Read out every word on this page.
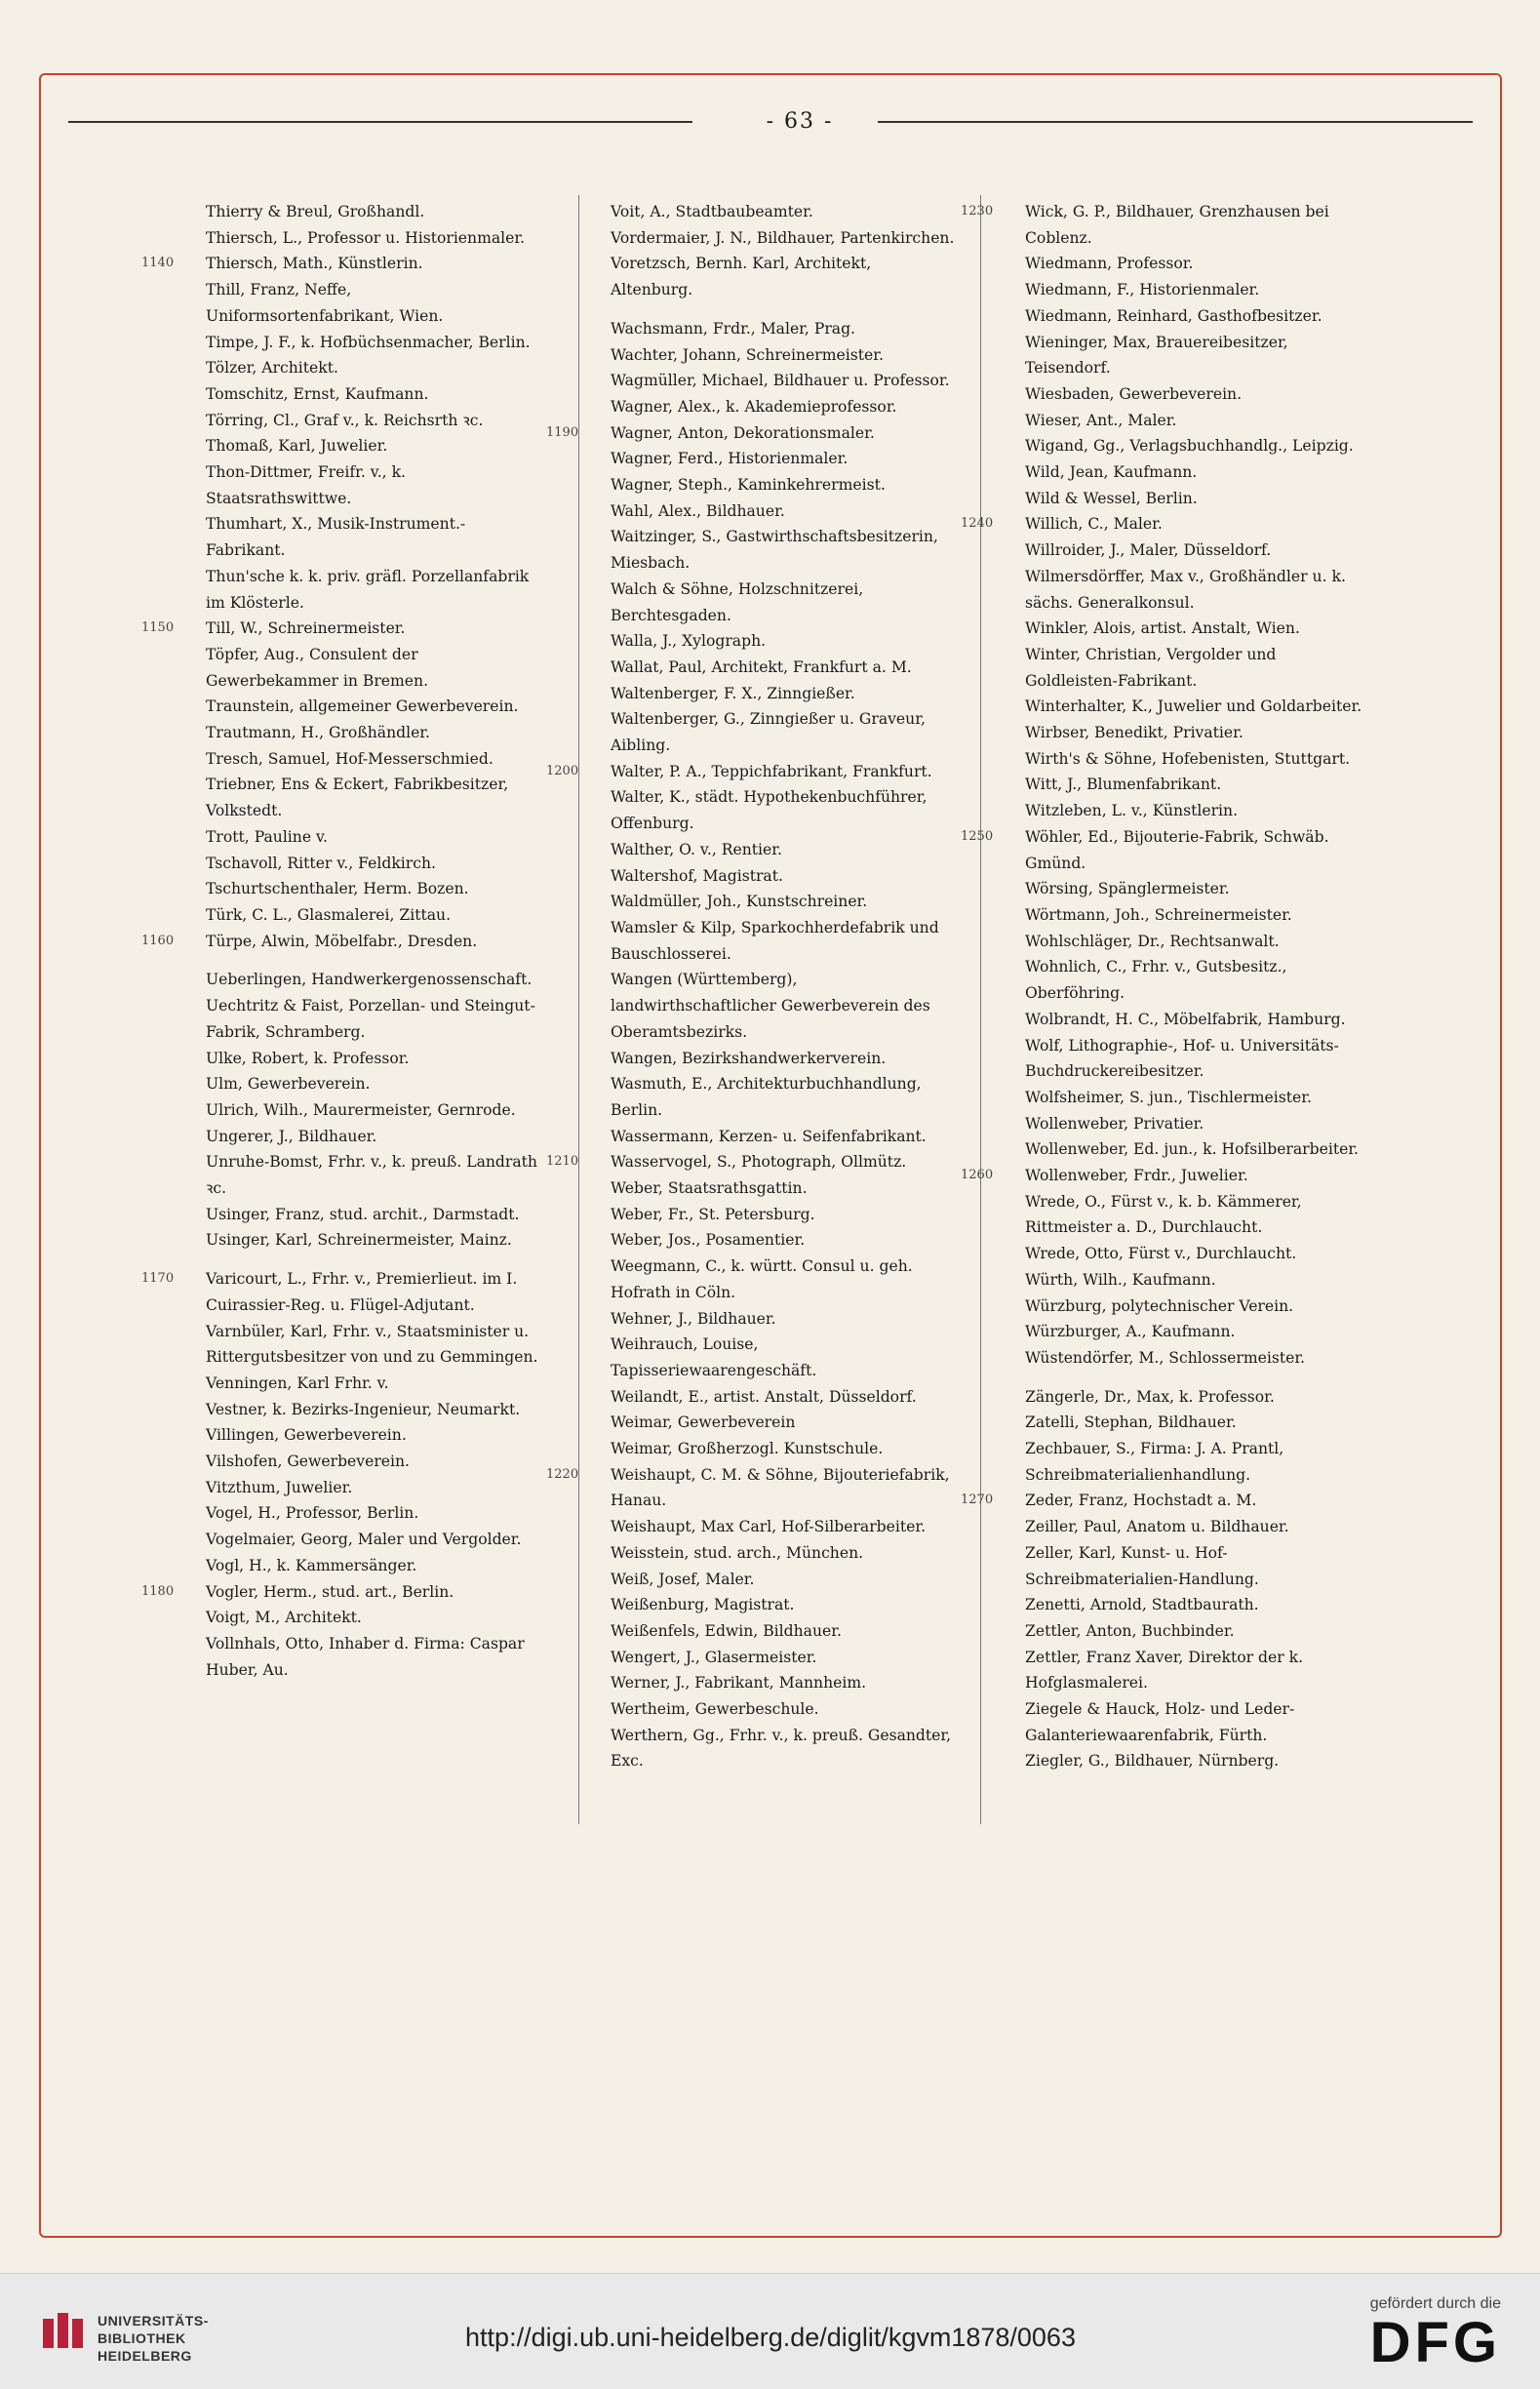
- 63 -
Thierry & Breul, Großhandl.
Thiersch, L., Professor u. Historienmaler.
1140	Thiersch, Math., Künstlerin.
Thill, Franz, Neffe, Uniformsortenfabrikant, Wien.
Timpe, J. F., k. Hofbüchsenmacher, Berlin.
Tölzer, Architekt.
Tomschitz, Ernst, Kaufmann.
Törring, Cl., Graf v., k. Reichsrth ꝛc.
Thomaß, Karl, Juwelier.
Thon-Dittmer, Freifr. v., k. Staatsrathswittwe.
Thumhart, X., Musik-Instrument.-Fabrikant.
Thun'sche k. k. priv. gräfl. Porzellanfabrik im Klösterle.
1150	Till, W., Schreinermeister.
Töpfer, Aug., Consulent der Gewerbekammer in Bremen.
Traunstein, allgemeiner Gewerbeverein.
Trautmann, H., Großhändler.
Tresch, Samuel, Hof-Messerschmied.
Triebner, Ens & Eckert, Fabrikbesitzer, Volkstedt.
Trott, Pauline v.
Tschavoll, Ritter v., Feldkirch.
Tschurtschenthaler, Herm. Bozen.
Türk, C. L., Glasmalerei, Zittau.
1160	Türpe, Alwin, Möbelfabr., Dresden.
Ueberlingen, Handwerkergenossenschaft.
Uechtritz & Faist, Porzellan- und Steingut-Fabrik, Schramberg.
Ulke, Robert, k. Professor.
Ulm, Gewerbeverein.
Ulrich, Wilh., Maurermeister, Gernrode.
Ungerer, J., Bildhauer.
Unruhe-Bomst, Frhr. v., k. preuß. Landrath ꝛc.
Usinger, Franz, stud. archit., Darmstadt.
Usinger, Karl, Schreinermeister, Mainz.
1170	Varicourt, L., Frhr. v., Premierlieut. im I. Cuirassier-Reg. u. Flügel-Adjutant.
Varnbüler, Karl, Frhr. v., Staatsminister u. Rittergutsbesitzer von und zu Gemmingen.
Venningen, Karl Frhr. v.
Vestner, k. Bezirks-Ingenieur, Neumarkt.
Villingen, Gewerbeverein.
Vilshofen, Gewerbeverein.
Vitzthum, Juwelier.
Vogel, H., Professor, Berlin.
Vogelmaier, Georg, Maler und Vergolder.
Vogl, H., k. Kammersänger.
1180	Vogler, Herm., stud. art., Berlin.
Voigt, M., Architekt.
Vollnhals, Otto, Inhaber d. Firma: Caspar Huber, Au.
Voit, A., Stadtbaubeamter.
Vordermaier, J. N., Bildhauer, Partenkirchen.
Voretzsch, Bernh. Karl, Architekt, Altenburg.
Wachsmann, Frdr., Maler, Prag.
Wachter, Johann, Schreinermeister.
Wagmüller, Michael, Bildhauer u. Professor.
Wagner, Alex., k. Akademieprofessor.
1190	Wagner, Anton, Dekorationsmaler.
Wagner, Ferd., Historienmaler.
Wagner, Steph., Kaminkehrermeist.
Wahl, Alex., Bildhauer.
Waitzinger, S., Gastwirthschaftsbesitzerin, Miesbach.
Walch & Söhne, Holzschnitzerei, Berchtesgaden.
Walla, J., Xylograph.
Wallat, Paul, Architekt, Frankfurt a. M.
Waltenberger, F. X., Zinngießer.
Waltenberger, G., Zinngießer u. Graveur, Aibling.
1200	Walter, P. A., Teppichfabrikant, Frankfurt.
Walter, K., städt. Hypothekenbuchführer, Offenburg.
Walther, O. v., Rentier.
Waltershof, Magistrat.
Waldmüller, Joh., Kunstschreiner.
Wamsler & Kilp, Sparkochherdefabrik und Bauschlosserei.
Wangen (Württemberg), landwirthschaftlicher Gewerbeverein des Oberamtsbezirks.
Wangen, Bezirkshandwerkerverein.
Wasmuth, E., Architekturbuchhandlung, Berlin.
Wassermann, Kerzen- u. Seifenfabrikant.
1210	Wasservogel, S., Photograph, Ollmütz.
Weber, Staatsrathsgattin.
Weber, Fr., St. Petersburg.
Weber, Jos., Posamentier.
Weegmann, C., k. württ. Consul u. geh. Hofrath in Cöln.
Wehner, J., Bildhauer.
Weihrauch, Louise, Tapisseriewaarengeschäft.
Weilandt, E., artist. Anstalt, Düsseldorf.
Weimar, Gewerbeverein
Weimar, Großherzogl. Kunstschule.
1220	Weishaupt, C. M. & Söhne, Bijouteriefabrik, Hanau.
Weishaupt, Max Carl, Hof-Silberarbeiter.
Weisstein, stud. arch., München.
Weiß, Josef, Maler.
Weißenburg, Magistrat.
Weißenfels, Edwin, Bildhauer.
Wengert, J., Glasermeister.
Werner, J., Fabrikant, Mannheim.
Wertheim, Gewerbeschule.
Werthern, Gg., Frhr. v., k. preuß. Gesandter, Exc.
1230	Wick, G. P., Bildhauer, Grenzhausen bei Coblenz.
Wiedmann, Professor.
Wiedmann, F., Historienmaler.
Wiedmann, Reinhard, Gasthofbesitzer.
Wieninger, Max, Brauereibesitzer, Teisendorf.
Wiesbaden, Gewerbeverein.
Wieser, Ant., Maler.
Wigand, Gg., Verlagsbuchhandlg., Leipzig.
Wild, Jean, Kaufmann.
Wild & Wessel, Berlin.
1240	Willich, C., Maler.
Willroider, J., Maler, Düsseldorf.
Wilmersdörffer, Max v., Großhändler u. k. sächs. Generalkonsul.
Winkler, Alois, artist. Anstalt, Wien.
Winter, Christian, Vergolder und Goldleisten-Fabrikant.
Winterhalter, K., Juwelier und Goldarbeiter.
Wirbser, Benedikt, Privatier.
Wirth's & Söhne, Hofebenisten, Stuttgart.
Witt, J., Blumenfabrikant.
Witzleben, L. v., Künstlerin.
1250	Wöhler, Ed., Bijouterie-Fabrik, Schwäb. Gmünd.
Wörsing, Spänglermeister.
Wörtmann, Joh., Schreinermeister.
Wohlschläger, Dr., Rechtsanwalt.
Wohnlich, C., Frhr. v., Gutsbesitz., Oberföhring.
Wolbrandt, H. C., Möbelfabrik, Hamburg.
Wolf, Lithographie-, Hof- u. Universitäts-Buchdruckereibesitzer.
Wolfsheimer, S. jun., Tischlermeister.
Wollenweber, Privatier.
Wollenweber, Ed. jun., k. Hofsilberarbeiter.
1260	Wollenweber, Frdr., Juwelier.
Wrede, O., Fürst v., k. b. Kämmerer, Rittmeister a. D., Durchlaucht.
Wrede, Otto, Fürst v., Durchlaucht.
Würth, Wilh., Kaufmann.
Würzburg, polytechnischer Verein.
Würzburger, A., Kaufmann.
Wüstendörfer, M., Schlossermeister.
Zängerle, Dr., Max, k. Professor.
Zatelli, Stephan, Bildhauer.
Zechbauer, S., Firma: J. A. Prantl, Schreibmaterialienhandlung.
1270	Zeder, Franz, Hochstadt a. M.
Zeiller, Paul, Anatom u. Bildhauer.
Zeller, Karl, Kunst- u. Hof-Schreibmaterialien-Handlung.
Zenetti, Arnold, Stadtbaurath.
Zettler, Anton, Buchbinder.
Zettler, Franz Xaver, Direktor der k. Hofglasmalerei.
Ziegele & Hauck, Holz- und Leder-Galanteriewaarenfabrik, Fürth.
Ziegler, G., Bildhauer, Nürnberg.
UNIVERSITÄTS-
BIBLIOTHEK
HEIDELBERG
http://digi.ub.uni-heidelberg.de/diglit/kgvm1878/0063
gefördert durch die
DFG
